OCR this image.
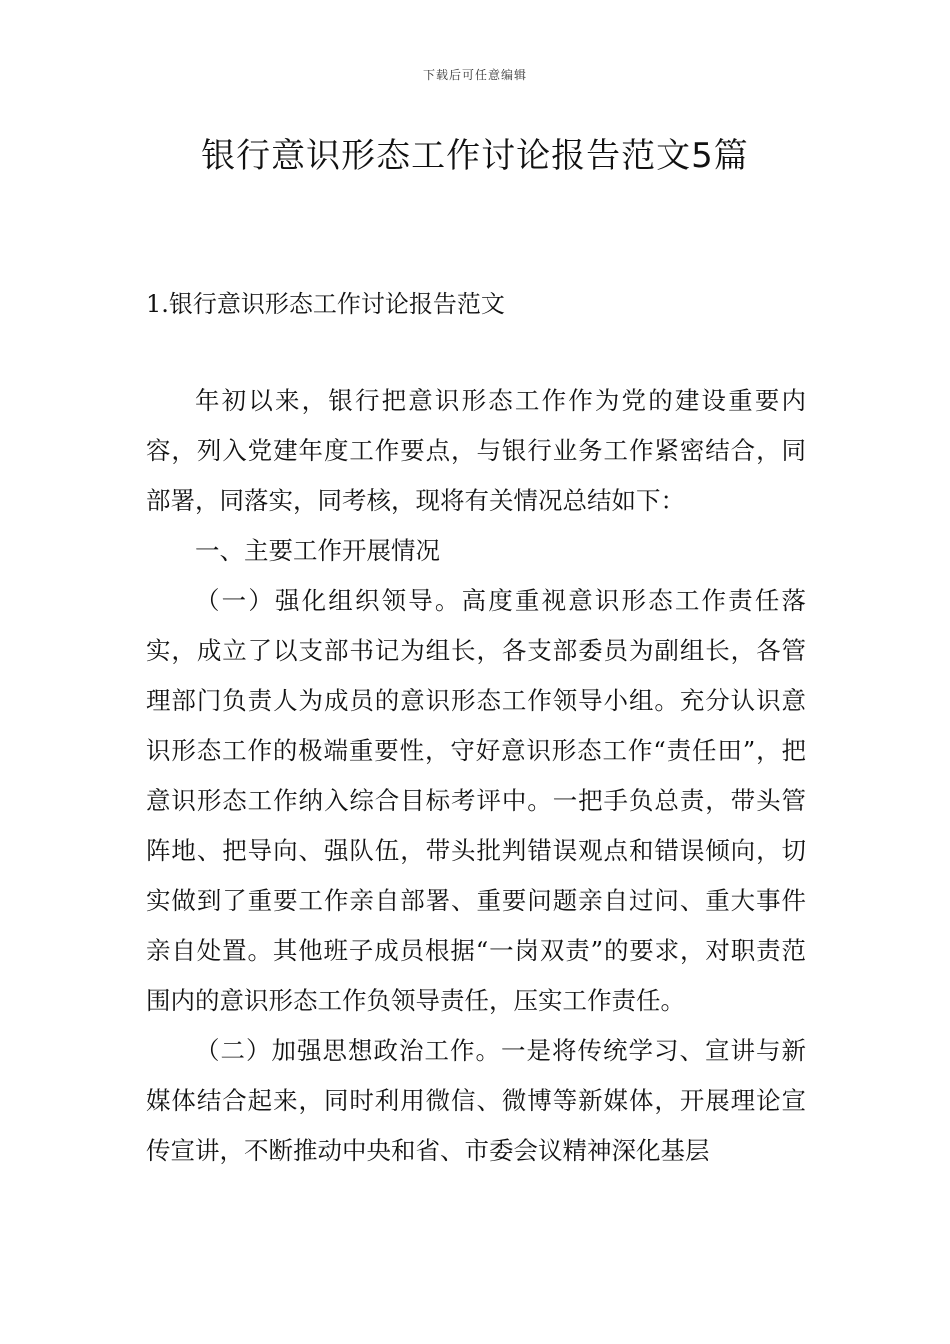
下载后可任意编辑
银行意识形态工作讨论报告范文5篇
1.银行意识形态工作讨论报告范文

年初以来，银行把意识形态工作作为党的建设重要内容，列入党建年度工作要点，与银行业务工作紧密结合，同部署，同落实，同考核，现将有关情况总结如下：

一、主要工作开展情况

（一）强化组织领导。高度重视意识形态工作责任落实，成立了以支部书记为组长，各支部委员为副组长，各管理部门负责人为成员的意识形态工作领导小组。充分认识意识形态工作的极端重要性，守好意识形态工作“责任田”，把意识形态工作纳入综合目标考评中。一把手负总责，带头管阵地、把导向、强队伍，带头批判错误观点和错误倾向，切实做到了重要工作亲自部署、重要问题亲自过问、重大事件亲自处置。其他班子成员根据“一岗双责”的要求，对职责范围内的意识形态工作负领导责任，压实工作责任。

（二）加强思想政治工作。一是将传统学习、宣讲与新媒体结合起来，同时利用微信、微博等新媒体，开展理论宣传宣讲，不断推动中央和省、市委会议精神深化基层
